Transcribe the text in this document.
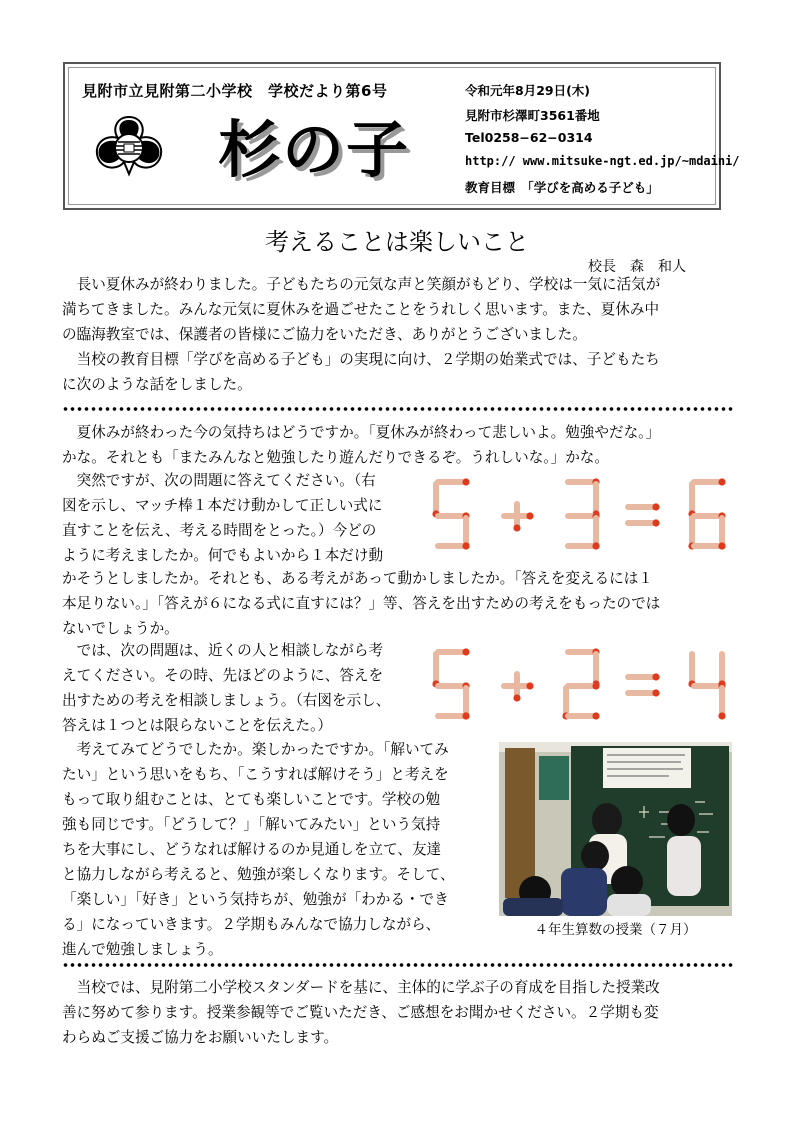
見附市立見附第二小学校　学校だより第6号
杉の子
令和元年8月29日(木)
見附市杉澤町3561番地
Tel0258−62−0314
http:// www.mitsuke-ngt.ed.jp/~mdaini/
教育目標　「学びを高める子ども」
考えることは楽しいこと
校長　森　和人
　長い夏休みが終わりました。子どもたちの元気な声と笑顔がもどり、学校は一気に活気が
満ちてきました。みんな元気に夏休みを過ごせたことをうれしく思います。また、夏休み中
の臨海教室では、保護者の皆様にご協力をいただき、ありがとうございました。
　当校の教育目標「学びを高める子ども」の実現に向け、２学期の始業式では、子どもたち
に次のような話をしました。
　夏休みが終わった今の気持ちはどうですか。「夏休みが終わって悲しいよ。勉強やだな。」
かな。それとも「またみんなと勉強したり遊んだりできるぞ。うれしいな。」かな。
　突然ですが、次の問題に答えてください。（右
図を示し、マッチ棒１本だけ動かして正しい式に
直すことを伝え、考える時間をとった。）今どの
ように考えましたか。何でもよいから１本だけ動
かそうとしましたか。それとも、ある考えがあって動かしましたか。「答えを変えるには１
本足りない。」「答えが６になる式に直すには？」等、答えを出すための考えをもったのでは
ないでしょうか。
　では、次の問題は、近くの人と相談しながら考
えてください。その時、先ほどのように、答えを
出すための考えを相談しましょう。（右図を示し、
答えは１つとは限らないことを伝えた。）
　考えてみてどうでしたか。楽しかったですか。「解いてみ
たい」という思いをもち、「こうすれば解けそう」と考えを
もって取り組むことは、とても楽しいことです。学校の勉
強も同じです。「どうして？」「解いてみたい」という気持
ちを大事にし、どうなれば解けるのか見通しを立て、友達
と協力しながら考えると、勉強が楽しくなります。そして、
「楽しい」「好き」という気持ちが、勉強が「わかる・でき
る」になっていきます。２学期もみんなで協力しながら、
進んで勉強しましょう。
　当校では、見附第二小学校スタンダードを基に、主体的に学ぶ子の育成を目指した授業改
善に努めて参ります。授業参観等でご覧いただき、ご感想をお聞かせください。２学期も変
わらぬご支援ご協力をお願いいたします。
４年生算数の授業（７月）
